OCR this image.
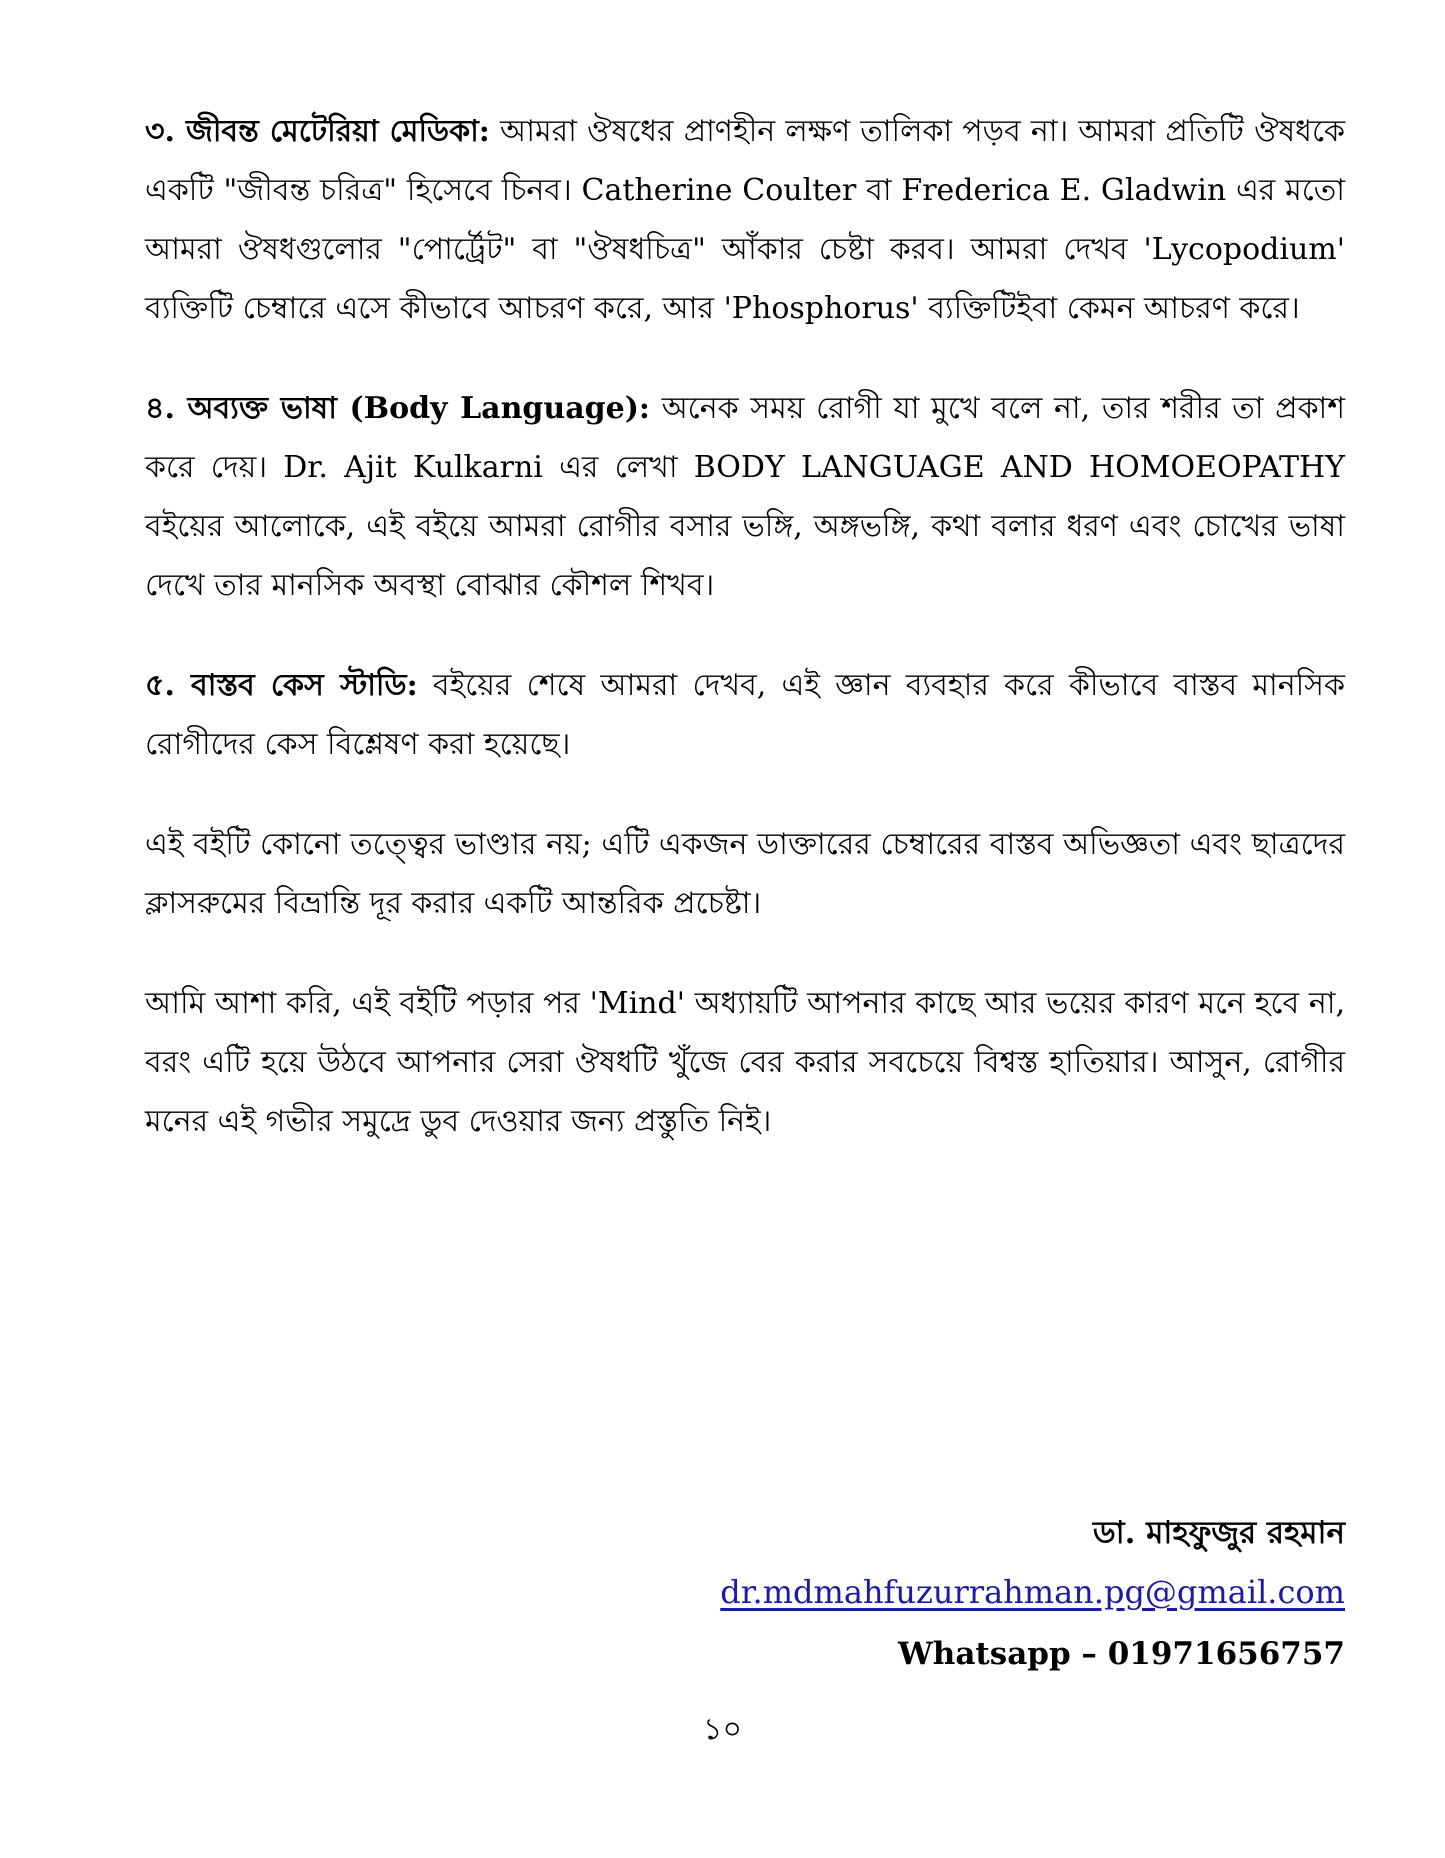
৩. জীবন্ত মেটেরিয়া মেডিকা: আমরা ঔষধের প্রাণহীন লক্ষণ তালিকা পড়ব না। আমরা প্রতিটি ঔষধকে একটি "জীবন্ত চরিত্র" হিসেবে চিনব। Catherine Coulter বা Frederica E. Gladwin এর মতো আমরা ঔষধগুলোর "পোর্ট্রেট" বা "ঔষধচিত্র" আঁকার চেষ্টা করব। আমরা দেখব 'Lycopodium' ব্যক্তিটি চেম্বারে এসে কীভাবে আচরণ করে, আর 'Phosphorus' ব্যক্তিটিইবা কেমন আচরণ করে।

৪. অব্যক্ত ভাষা (Body Language): অনেক সময় রোগী যা মুখে বলে না, তার শরীর তা প্রকাশ করে দেয়। Dr. Ajit Kulkarni এর লেখা BODY LANGUAGE AND HOMOEOPATHY বইয়ের আলোকে, এই বইয়ে আমরা রোগীর বসার ভঙ্গি, অঙ্গভঙ্গি, কথা বলার ধরণ এবং চোখের ভাষা দেখে তার মানসিক অবস্থা বোঝার কৌশল শিখব।

৫. বাস্তব কেস স্টাডি: বইয়ের শেষে আমরা দেখব, এই জ্ঞান ব্যবহার করে কীভাবে বাস্তব মানসিক রোগীদের কেস বিশ্লেষণ করা হয়েছে।

এই বইটি কোনো তত্ত্বের ভাণ্ডার নয়; এটি একজন ডাক্তারের চেম্বারের বাস্তব অভিজ্ঞতা এবং ছাত্রদের ক্লাসরুমের বিভ্রান্তি দূর করার একটি আন্তরিক প্রচেষ্টা।

আমি আশা করি, এই বইটি পড়ার পর 'Mind' অধ্যায়টি আপনার কাছে আর ভয়ের কারণ মনে হবে না, বরং এটি হয়ে উঠবে আপনার সেরা ঔষধটি খুঁজে বের করার সবচেয়ে বিশ্বস্ত হাতিয়ার। আসুন, রোগীর মনের এই গভীর সমুদ্রে ডুব দেওয়ার জন্য প্রস্তুতি নিই।

ডা. মাহফুজুর রহমান
dr.mdmahfuzurrahman.pg@gmail.com
Whatsapp – 01971656757
১০
